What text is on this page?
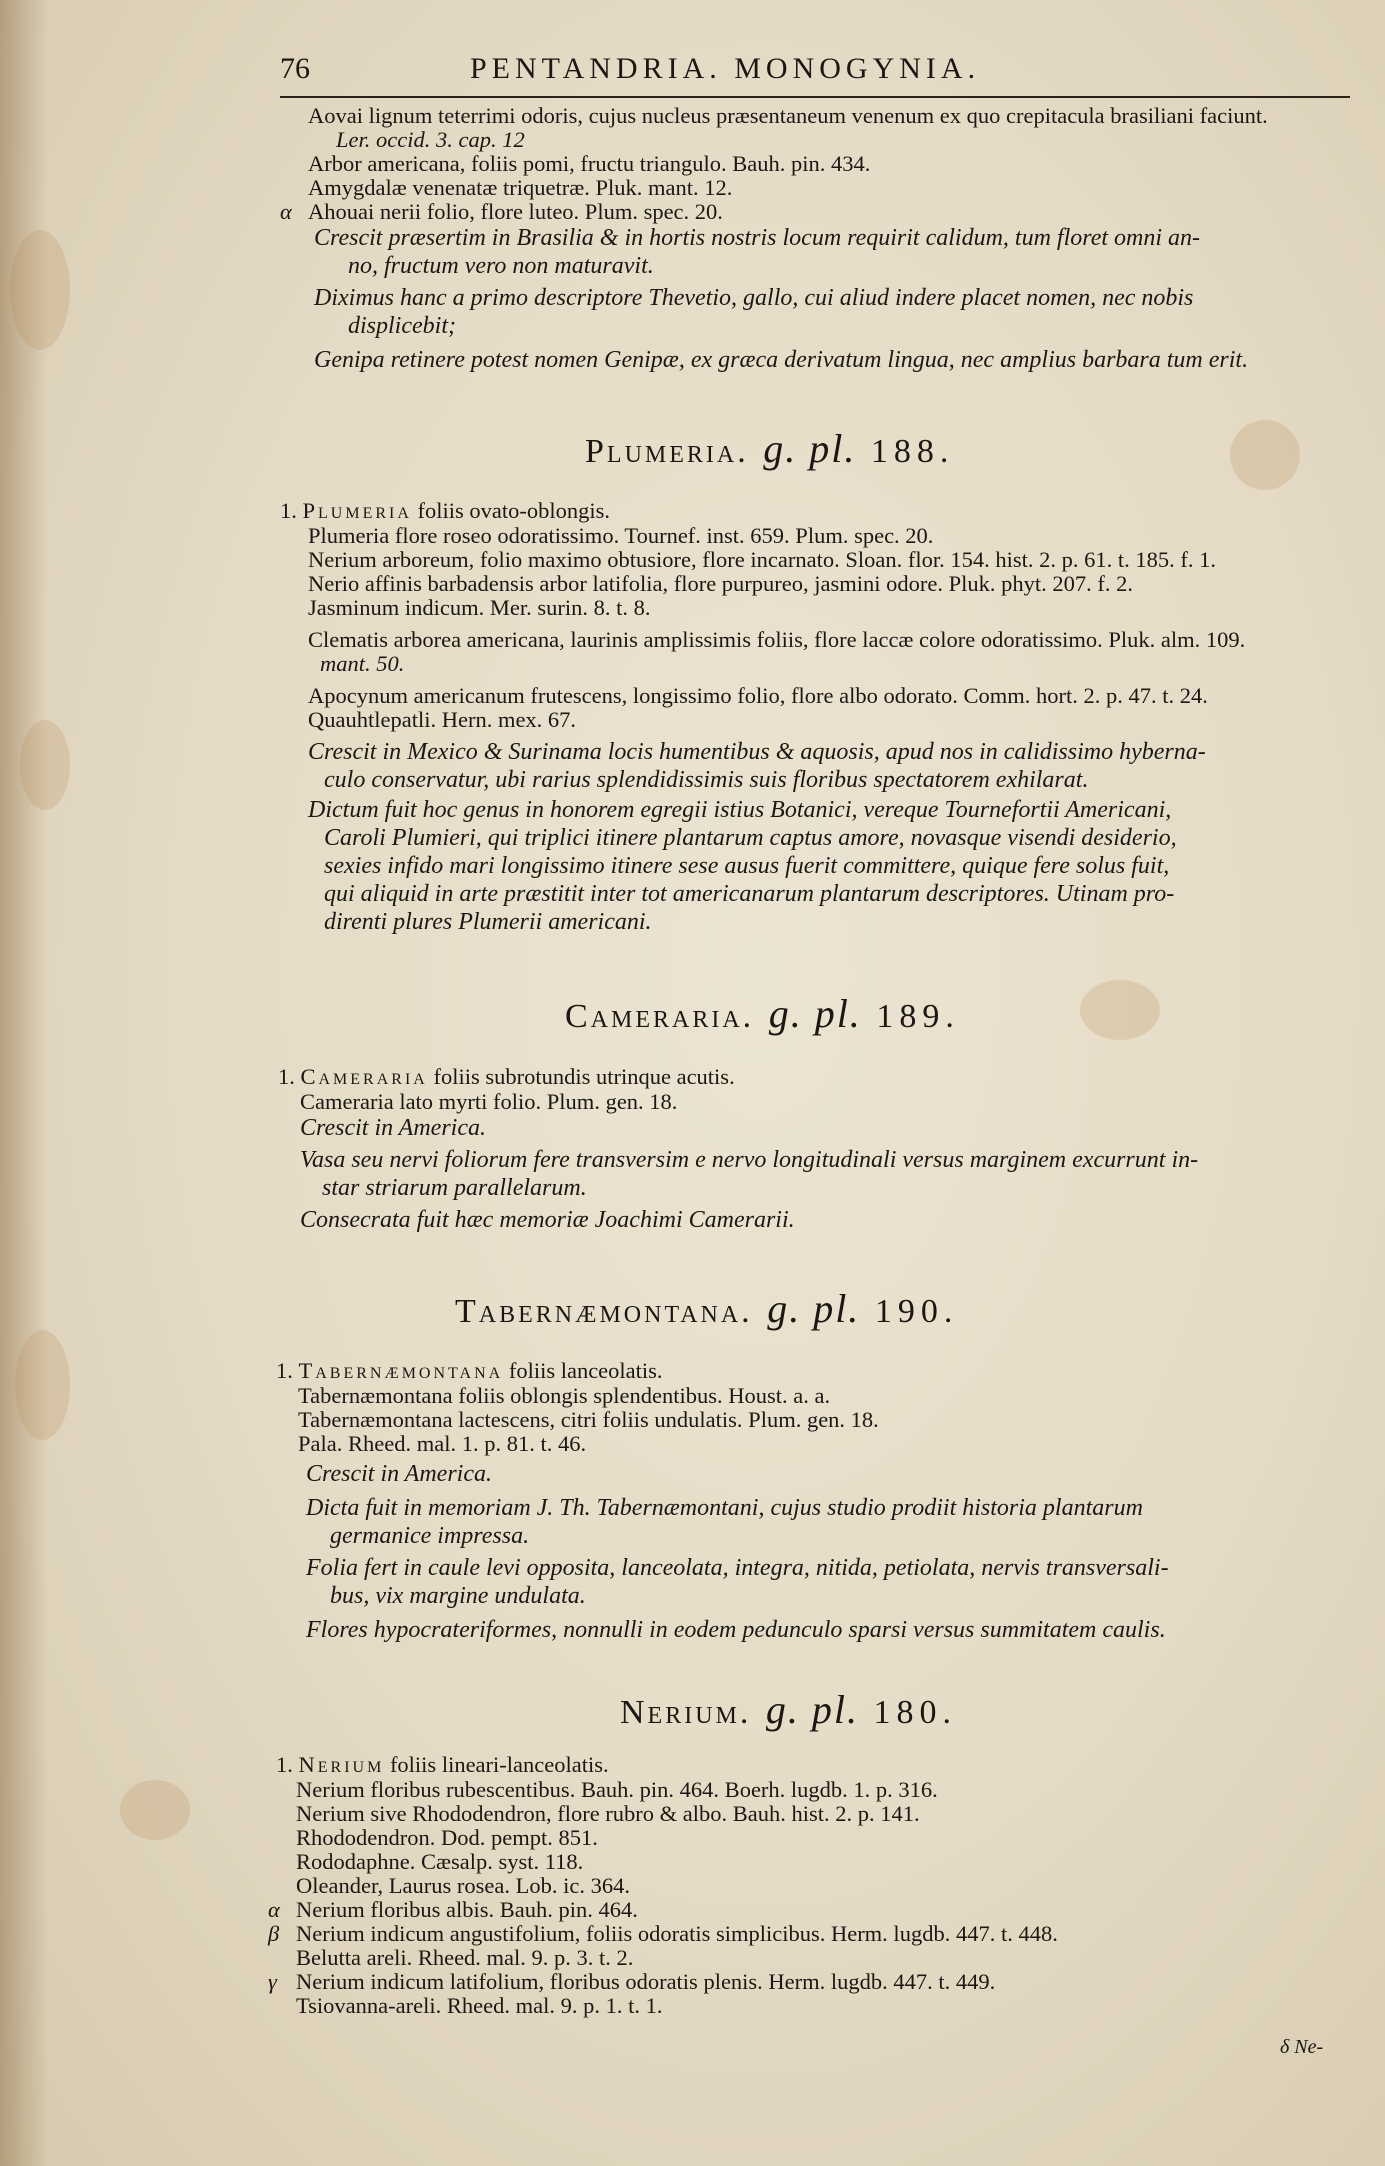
76	PENTANDRIA. MONOGYNIA.
Aovai lignum teterrimi odoris, cujus nucleus præsentaneum venenum ex quo crepitacula brasiliani faciunt.
Ler. occid. 3. cap. 12
Arbor americana, foliis pomi, fructu triangulo. Bauh. pin. 434.
Amygdalæ venenatæ triquetræ. Pluk. mant. 12.
α Ahouai nerii folio, flore luteo. Plum. spec. 20.
Crescit præsertim in Brasilia & in hortis nostris locum requirit calidum, tum floret omni an-
no, fructum vero non maturavit.
Diximus hanc a primo descriptore Thevetio, gallo, cui aliud indere placet nomen, nec nobis
displicebit;
Genipa retinere potest nomen Genipæ, ex græca derivatum lingua, nec amplius barbara tum erit.
Plumeria. g. pl. 188.
1. Plumeria foliis ovato-oblongis.
Plumeria flore roseo odoratissimo. Tournef. inst. 659. Plum. spec. 20.
Nerium arboreum, folio maximo obtusiore, flore incarnato. Sloan. flor. 154. hist. 2. p. 61. t. 185. f. 1.
Nerio affinis barbadensis arbor latifolia, flore purpureo, jasmini odore. Pluk. phyt. 207. f. 2.
Jasminum indicum. Mer. surin. 8. t. 8.
Clematis arborea americana, laurinis amplissimis foliis, flore laccæ colore odoratissimo. Pluk. alm. 109.
mant. 50.
Apocynum americanum frutescens, longissimo folio, flore albo odorato. Comm. hort. 2. p. 47. t. 24.
Quauhtlepatli. Hern. mex. 67.
Crescit in Mexico & Surinama locis humentibus & aquosis, apud nos in calidissimo hyberna-
culo conservatur, ubi rarius splendidissimis suis floribus spectatorem exhilarat.
Dictum fuit hoc genus in honorem egregii istius Botanici, vereque Tournefortii Americani,
Caroli Plumieri, qui triplici itinere plantarum captus amore, novasque visendi desiderio,
sexies infido mari longissimo itinere sese ausus fuerit committere, quique fere solus fuit,
qui aliquid in arte præstitit inter tot americanarum plantarum descriptores. Utinam pro-
direnti plures Plumerii americani.
Cameraria. g. pl. 189.
1. Cameraria foliis subrotundis utrinque acutis.
Cameraria lato myrti folio. Plum. gen. 18.
Crescit in America.
Vasa seu nervi foliorum fere transversim e nervo longitudinali versus marginem excurrunt in-
star striarum parallelarum.
Consecrata fuit hæc memoriæ Joachimi Camerarii.
Tabernæmontana. g. pl. 190.
1. Tabernæmontana foliis lanceolatis.
Tabernæmontana foliis oblongis splendentibus. Houst. a. a.
Tabernæmontana lactescens, citri foliis undulatis. Plum. gen. 18.
Pala. Rheed. mal. 1. p. 81. t. 46.
Crescit in America.
Dicta fuit in memoriam J. Th. Tabernæmontani, cujus studio prodiit historia plantarum
germanice impressa.
Folia fert in caule levi opposita, lanceolata, integra, nitida, petiolata, nervis transversali-
bus, vix margine undulata.
Flores hypocrateriformes, nonnulli in eodem pedunculo sparsi versus summitatem caulis.
Nerium. g. pl. 180.
1. Nerium foliis lineari-lanceolatis.
Nerium floribus rubescentibus. Bauh. pin. 464. Boerh. lugdb. 1. p. 316.
Nerium sive Rhododendron, flore rubro & albo. Bauh. hist. 2. p. 141.
Rhododendron. Dod. pempt. 851.
Rododaphne. Cæsalp. syst. 118.
Oleander, Laurus rosea. Lob. ic. 364.
α Nerium floribus albis. Bauh. pin. 464.
β Nerium indicum angustifolium, foliis odoratis simplicibus. Herm. lugdb. 447. t. 448.
Belutta areli. Rheed. mal. 9. p. 3. t. 2.
γ Nerium indicum latifolium, floribus odoratis plenis. Herm. lugdb. 447. t. 449.
Tsiovanna-areli. Rheed. mal. 9. p. 1. t. 1.
δ Ne-
